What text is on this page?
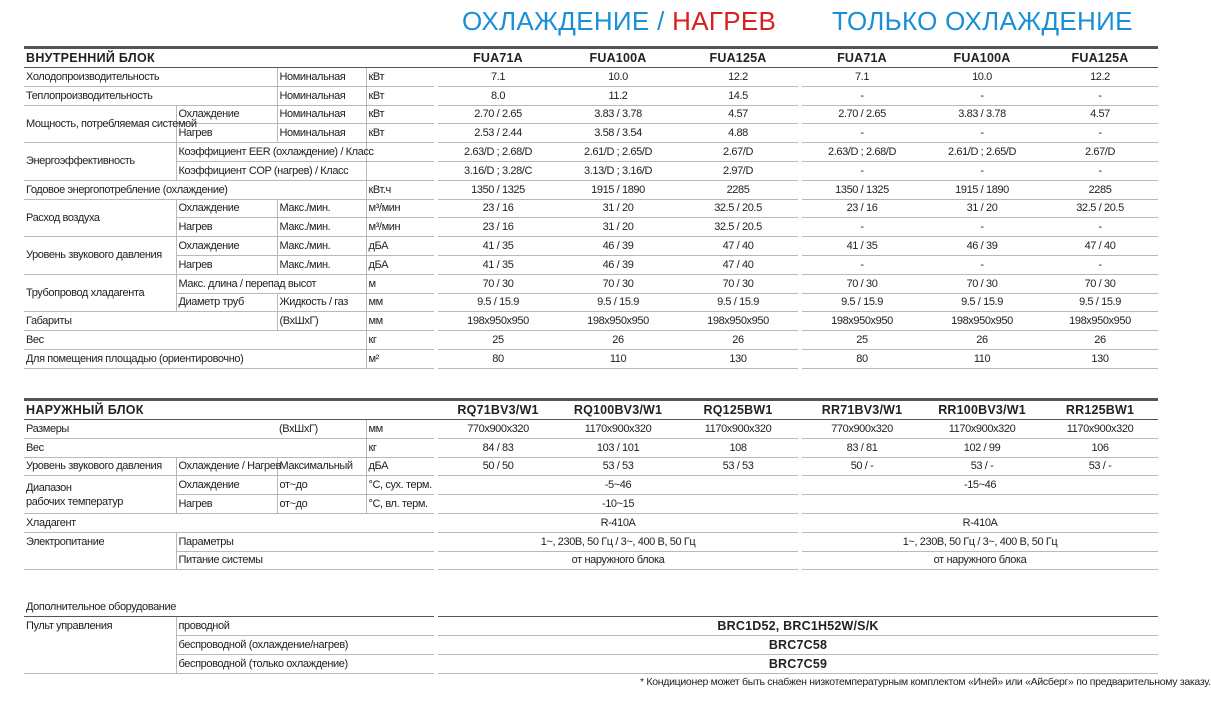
ОХЛАЖДЕНИЕ / НАГРЕВ ТОЛЬКО ОХЛАЖДЕНИЕ
ВНУТРЕННИЙ БЛОК					FUA71A	FUA100A	FUA125A		FUA71A	FUA100A	FUA125A
Холодопроизводительность		Номинальная	кВт		7.1	10.0	12.2		7.1	10.0	12.2
Теплопроизводительность		Номинальная	кВт		8.0	11.2	14.5		-	-	-
Мощность, потребляемая системой	Охлаждение	Номинальная	кВт		2.70 / 2.65	3.83 / 3.78	4.57		2.70 / 2.65	3.83 / 3.78	4.57
	Нагрев	Номинальная	кВт		2.53 / 2.44	3.58 / 3.54	4.88		-	-	-
Энергоэффективность	Коэффициент EER (охлаждение) / Класс				2.63/D ; 2.68/D	2.61/D ; 2.65/D	2.67/D		2.63/D ; 2.68/D	2.61/D ; 2.65/D	2.67/D
	Коэффициент COP (нагрев) / Класс				3.16/D ; 3.28/C	3.13/D ; 3.16/D	2.97/D		-	-	-
Годовое энергопотребление (охлаждение)			кВт.ч		1350 / 1325	1915 / 1890	2285		1350 / 1325	1915 / 1890	2285
Расход воздуха	Охлаждение	Макс./мин.	м³/мин		23 / 16	31 / 20	32.5 / 20.5		23 / 16	31 / 20	32.5 / 20.5
	Нагрев	Макс./мин.	м³/мин		23 / 16	31 / 20	32.5 / 20.5		-	-	-
Уровень звукового давления	Охлаждение	Макс./мин.	дБА		41 / 35	46 / 39	47 / 40		41 / 35	46 / 39	47 / 40
	Нагрев	Макс./мин.	дБА		41 / 35	46 / 39	47 / 40		-	-	-
Трубопровод хладагента	Макс. длина / перепад высот		м		70 / 30	70 / 30	70 / 30		70 / 30	70 / 30	70 / 30
	Диаметр труб	Жидкость / газ	мм		9.5 / 15.9	9.5 / 15.9	9.5 / 15.9		9.5 / 15.9	9.5 / 15.9	9.5 / 15.9
Габариты		(ВхШхГ)	мм		198x950x950	198x950x950	198x950x950		198x950x950	198x950x950	198x950x950
Вес			кг		25	26	26		25	26	26
Для помещения площадью (ориентировочно)			м²		80	110	130		80	110	130
НАРУЖНЫЙ БЛОК					RQ71BV3/W1	RQ100BV3/W1	RQ125BW1		RR71BV3/W1	RR100BV3/W1	RR125BW1
Размеры		(ВхШхГ)	мм		770x900x320	1170x900x320	1170x900x320		770x900x320	1170x900x320	1170x900x320
Вес			кг		84 / 83	103 / 101	108		83 / 81	102 / 99	106
Уровень звукового давления	Охлаждение / Нагрев	Максимальный	дБА		50 / 50	53 / 53	53 / 53		50 / -	53 / -	53 / -

Диапазон
рабочих температур	Охлаждение	от~до	°C, сух. терм.		-5~46				-15~46		
	Нагрев	от~до	°C, вл. терм.		-10~15						
Хладагент					R-410A				R-410A		
Электропитание	Параметры				1~, 230В, 50 Гц / 3~, 400 В, 50 Гц				1~, 230В, 50 Гц / 3~, 400 В, 50 Гц		
	Питание системы				от наружного блока				от наружного блока		
Дополнительное оборудование			
Пульт управления	проводной		BRC1D52, BRC1H52W/S/K
	беспроводной (охлаждение/нагрев)		BRC7C58
	беспроводной (только охлаждение)		BRC7C59
* Кондиционер может быть снабжен низкотемпературным комплектом «Иней» или «Айсберг» по предварительному заказу.
